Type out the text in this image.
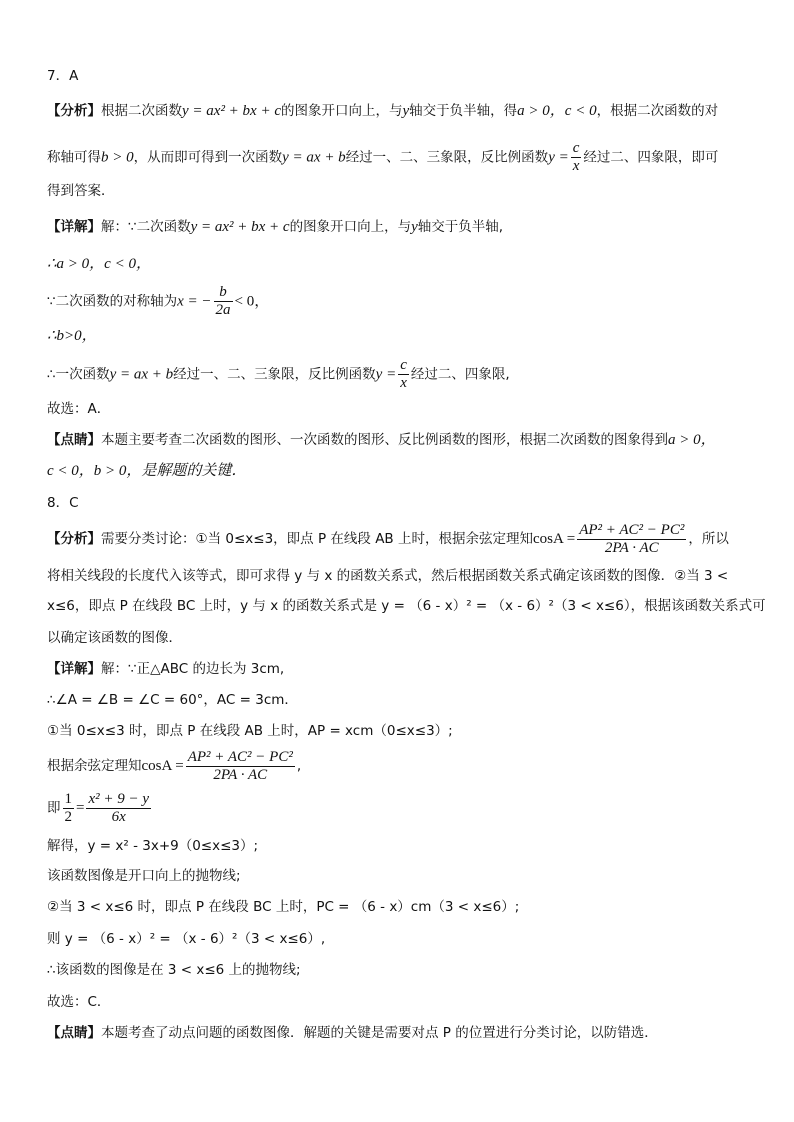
7．A
【分析】根据二次函数y = ax² + bx + c的图象开口向上，与y轴交于负半轴，得a > 0，c < 0，根据二次函数的对
称轴可得b > 0，从而即可得到一次函数y = ax + b经过一、二、三象限，反比例函数$y = \frac{c}{x}$ 经过二、四象限，即可
得到答案．
【详解】解：∵二次函数y = ax² + bx + c的图象开口向上，与y轴交于负半轴,
∴a > 0，c < 0，
∵二次函数的对称轴为x = − $\frac{b}{2a} < 0$，
∴b>0，
∴一次函数y = ax + b经过一、二、三象限，反比例函数$y = \frac{c}{x}$ 经过二、四象限,
故选：A．
【点睛】本题主要考查二次函数的图形、一次函数的图形、反比例函数的图形，根据二次函数的图象得到a > 0，
c < 0，b > 0，是解题的关键．
8．C
【分析】需要分类讨论：①当 0≤x≤3，即点 P 在线段 AB 上时，根据余弦定理知$\cos A = \frac{\text{AP² + AC² − PC²}}{2PA \cdot AC}$ ，所以
将相关线段的长度代入该等式，即可求得 y 与 x 的函数关系式，然后根据函数关系式确定该函数的图像．②当 3 <
x≤6，即点 P 在线段 BC 上时，y 与 x 的函数关系式是 y = （6 - x）² = （x - 6）²（3 < x≤6），根据该函数关系式可
以确定该函数的图像．
【详解】解：∵正△ABC 的边长为 3cm,
∴∠A = ∠B = ∠C = 60°，AC = 3cm．
①当 0≤x≤3 时，即点 P 在线段 AB 上时，AP = xcm（0≤x≤3）;
根据余弦定理知$\cos A = \frac{\text{AP² + AC² − PC²}}{2PA \cdot AC}$ ,
即 $\frac{1}{2} = \frac{\text{x² + 9 − y}}{6x}$
解得，y = x² - 3x+9（0≤x≤3）;
该函数图像是开口向上的抛物线;
②当 3 < x≤6 时，即点 P 在线段 BC 上时，PC = （6 - x）cm（3 < x≤6）;
则 y = （6 - x）² = （x - 6）²（3 < x≤6）,
∴该函数的图像是在 3 < x≤6 上的抛物线;
故选：C．
【点睛】本题考查了动点问题的函数图像．解题的关键是需要对点 P 的位置进行分类讨论，以防错选．
